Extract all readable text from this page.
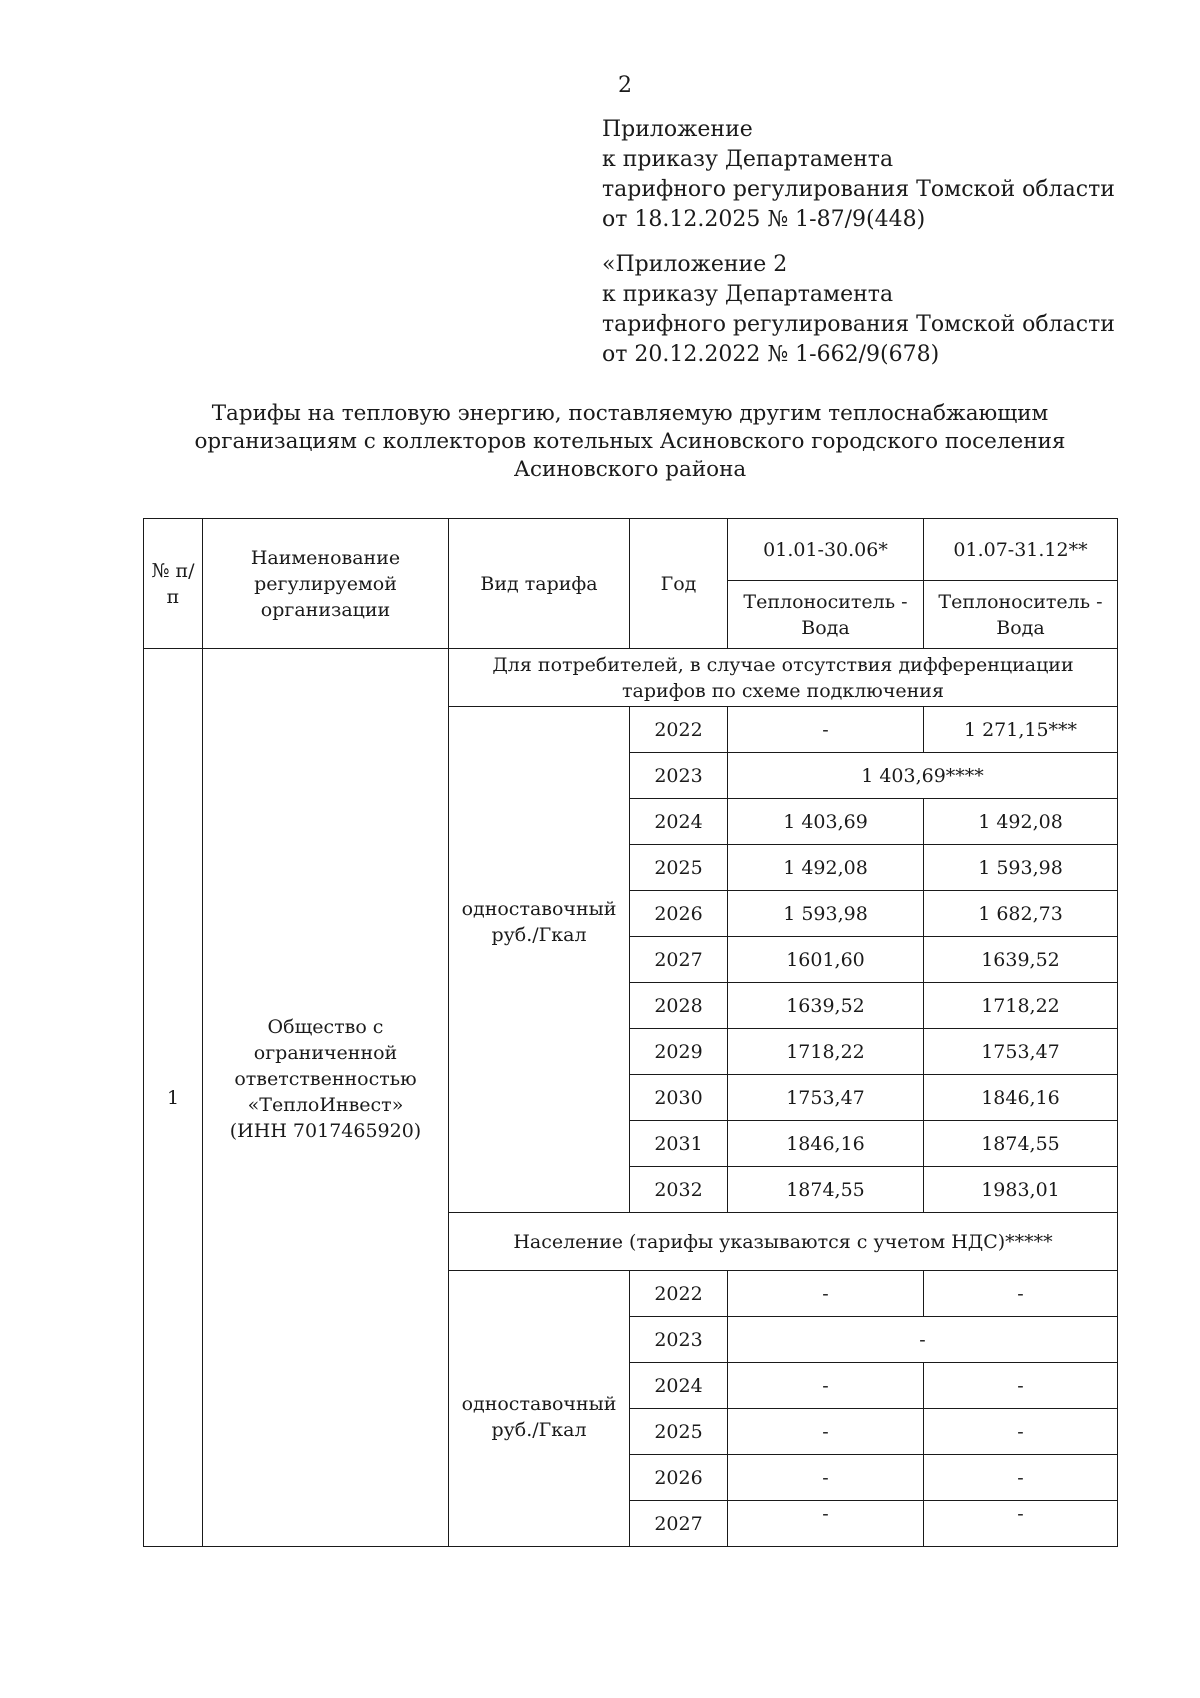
2
Приложение
к приказу Департамента
тарифного регулирования Томской области
от 18.12.2025 № 1-87/9(448)
«Приложение 2
к приказу Департамента
тарифного регулирования Томской области
от 20.12.2022 № 1-662/9(678)
Тарифы на тепловую энергию, поставляемую другим теплоснабжающим
организациям с коллекторов котельных Асиновского городского поселения
Асиновского района
№ п/п	Наименование регулируемой организации	Вид тарифа	Год	01.01-30.06*	01.07-31.12**
				Теплоноситель - Вода	Теплоноситель - Вода
1	Общество с
ограниченной
ответственностью
«ТеплоИнвест»
(ИНН 7017465920)	Для потребителей, в случае отсутствия дифференциации тарифов по схеме подключения			

		одноставочный руб./Гкал	2022	-	1 271,15***
			2023	1 403,69****	
			2024	1 403,69	1 492,08
			2025	1 492,08	1 593,98
			2026	1 593,98	1 682,73
			2027	1601,60	1639,52
			2028	1639,52	1718,22
			2029	1718,22	1753,47
			2030	1753,47	1846,16
			2031	1846,16	1874,55
			2032	1874,55	1983,01
		Население (тарифы указываются с учетом НДС)*****			

		одноставочный руб./Гкал	2022	-	-
			2023	-	
			2024	-	-
			2025	-	-
			2026	-	-
			2027	-	-
